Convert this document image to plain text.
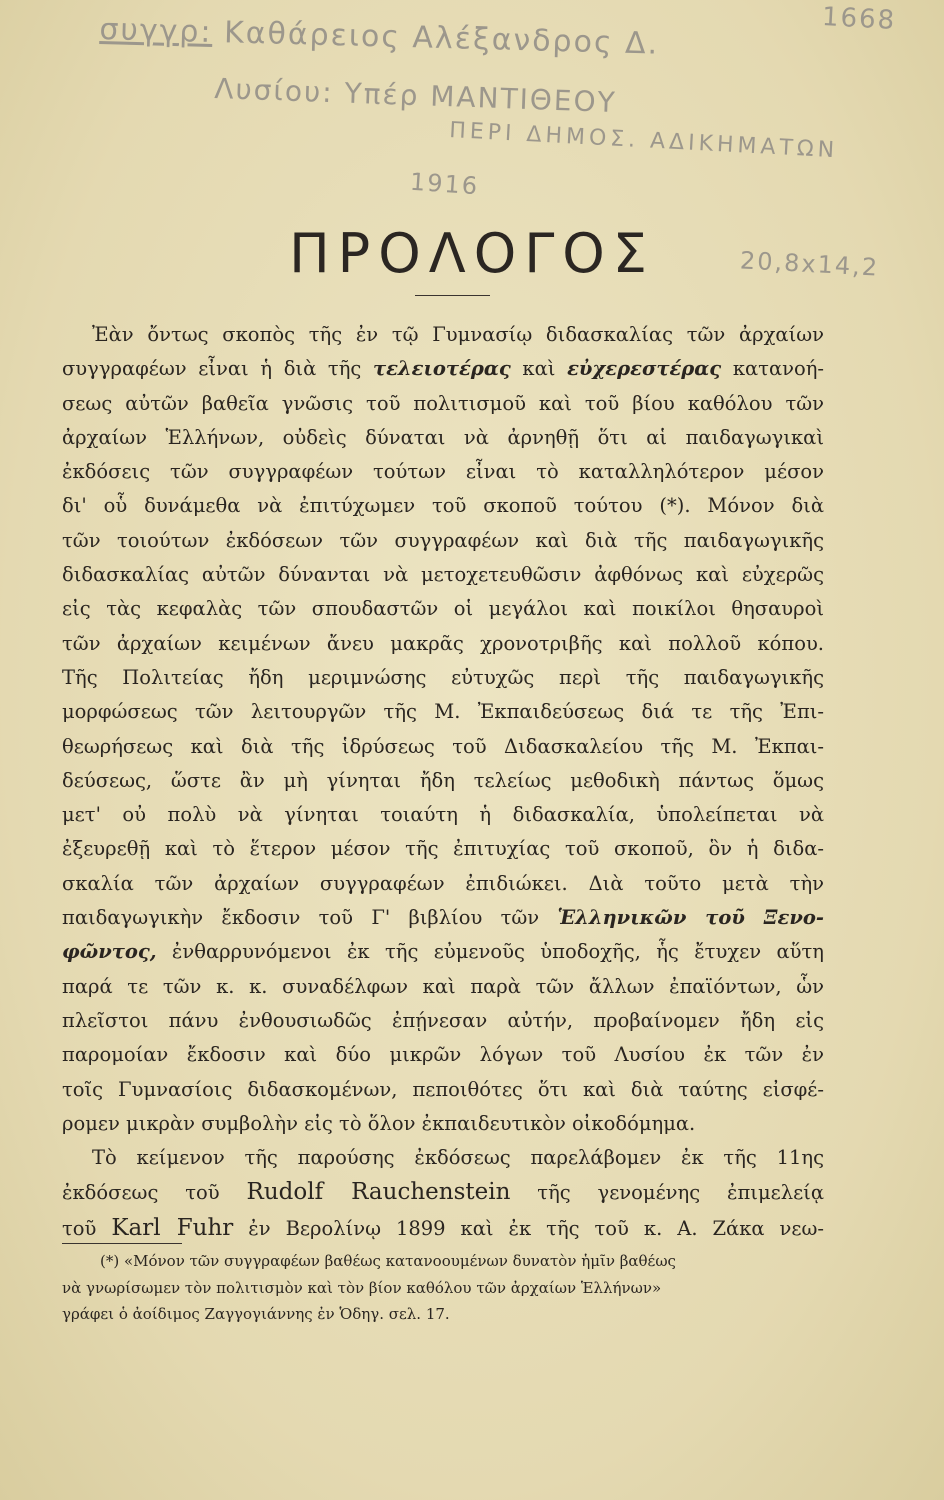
συγγρ: Καθάρειος Αλέξανδρος Δ.
Λυσίου: Υπέρ ΜΑΝΤΙΘΕΟΥ
ΠΕΡΙ ΔΗΜΟΣ. ΑΔΙΚΗΜΑΤΩΝ
1916
1668
20,8x14,2
ΠΡΟΛΟΓΟΣ
Ἐὰν ὄντως σκοπὸς τῆς ἐν τῷ Γυμνασίῳ διδασκαλίας τῶν ἀρχαίων
συγγραφέων εἶναι ἡ διὰ τῆς τελειοτέρας καὶ εὐχερεστέρας κατανοή-
σεως αὐτῶν βαθεῖα γνῶσις τοῦ πολιτισμοῦ καὶ τοῦ βίου καθόλου τῶν
ἀρχαίων Ἑλλήνων, οὐδεὶς δύναται νὰ ἀρνηθῇ ὅτι αἱ παιδαγωγικαὶ
ἐκδόσεις τῶν συγγραφέων τούτων εἶναι τὸ καταλληλότερον μέσον
δι' οὗ δυνάμεθα νὰ ἐπιτύχωμεν τοῦ σκοποῦ τούτου (*). Μόνον διὰ
τῶν τοιούτων ἐκδόσεων τῶν συγγραφέων καὶ διὰ τῆς παιδαγωγικῆς
διδασκαλίας αὐτῶν δύνανται νὰ μετοχετευθῶσιν ἀφθόνως καὶ εὐχερῶς
εἰς τὰς κεφαλὰς τῶν σπουδαστῶν οἱ μεγάλοι καὶ ποικίλοι θησαυροὶ
τῶν ἀρχαίων κειμένων ἄνευ μακρᾶς χρονοτριβῆς καὶ πολλοῦ κόπου.
Τῆς Πολιτείας ἤδη μεριμνώσης εὐτυχῶς περὶ τῆς παιδαγωγικῆς
μορφώσεως τῶν λειτουργῶν τῆς Μ. Ἐκπαιδεύσεως διά τε τῆς Ἐπι-
θεωρήσεως καὶ διὰ τῆς ἱδρύσεως τοῦ Διδασκαλείου τῆς Μ. Ἐκπαι-
δεύσεως, ὥστε ἂν μὴ γίνηται ἤδη τελείως μεθοδικὴ πάντως ὅμως
μετ' οὐ πολὺ νὰ γίνηται τοιαύτη ἡ διδασκαλία, ὑπολείπεται νὰ
ἐξευρεθῇ καὶ τὸ ἕτερον μέσον τῆς ἐπιτυχίας τοῦ σκοποῦ, ὃν ἡ διδα-
σκαλία τῶν ἀρχαίων συγγραφέων ἐπιδιώκει. Διὰ τοῦτο μετὰ τὴν
παιδαγωγικὴν ἔκδοσιν τοῦ Γ' βιβλίου τῶν Ἑλληνικῶν τοῦ Ξενο-
φῶντος, ἐνθαρρυνόμενοι ἐκ τῆς εὐμενοῦς ὑποδοχῆς, ἧς ἔτυχεν αὕτη
παρά τε τῶν κ. κ. συναδέλφων καὶ παρὰ τῶν ἄλλων ἐπαϊόντων, ὧν
πλεῖστοι πάνυ ἐνθουσιωδῶς ἐπῄνεσαν αὐτήν, προβαίνομεν ἤδη εἰς
παρομοίαν ἔκδοσιν καὶ δύο μικρῶν λόγων τοῦ Λυσίου ἐκ τῶν ἐν
τοῖς Γυμνασίοις διδασκομένων, πεποιθότες ὅτι καὶ διὰ ταύτης εἰσφέ-
ρομεν μικρὰν συμβολὴν εἰς τὸ ὅλον ἐκπαιδευτικὸν οἰκοδόμημα.
Τὸ κείμενον τῆς παρούσης ἐκδόσεως παρελάβομεν ἐκ τῆς 11ης
ἐκδόσεως τοῦ Rudolf Rauchenstein τῆς γενομένης ἐπιμελείᾳ
τοῦ Karl Fuhr ἐν Βερολίνῳ 1899 καὶ ἐκ τῆς τοῦ κ. Α. Ζάκα νεω-
(*) «Μόνον τῶν συγγραφέων βαθέως κατανοουμένων δυνατὸν ἡμῖν βαθέως
νὰ γνωρίσωμεν τὸν πολιτισμὸν καὶ τὸν βίον καθόλου τῶν ἀρχαίων Ἑλλήνων»
γράφει ὁ ἀοίδιμος Ζαγγογιάννης ἐν Ὁδηγ. σελ. 17.
